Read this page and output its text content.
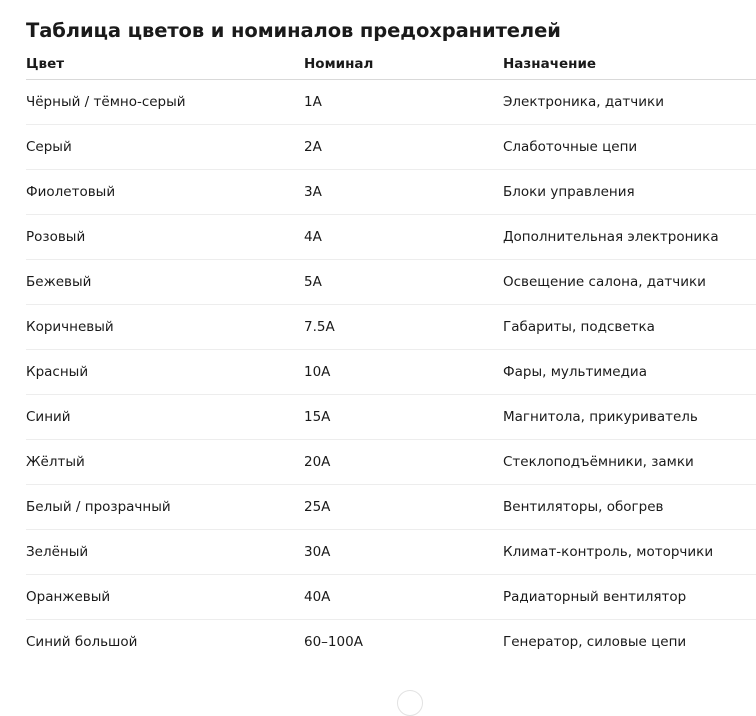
Таблица цветов и номиналов предохранителей
Цвет	Номинал	Назначение
Чёрный / тёмно-серый	1A	Электроника, датчики
Серый	2A	Слаботочные цепи
Фиолетовый	3A	Блоки управления
Розовый	4A	Дополнительная электроника
Бежевый	5A	Освещение салона, датчики
Коричневый	7.5A	Габариты, подсветка
Красный	10A	Фары, мультимедиа
Синий	15A	Магнитола, прикуриватель
Жёлтый	20A	Стеклоподъёмники, замки
Белый / прозрачный	25A	Вентиляторы, обогрев
Зелёный	30A	Климат-контроль, моторчики
Оранжевый	40A	Радиаторный вентилятор
Синий большой	60–100A	Генератор, силовые цепи
